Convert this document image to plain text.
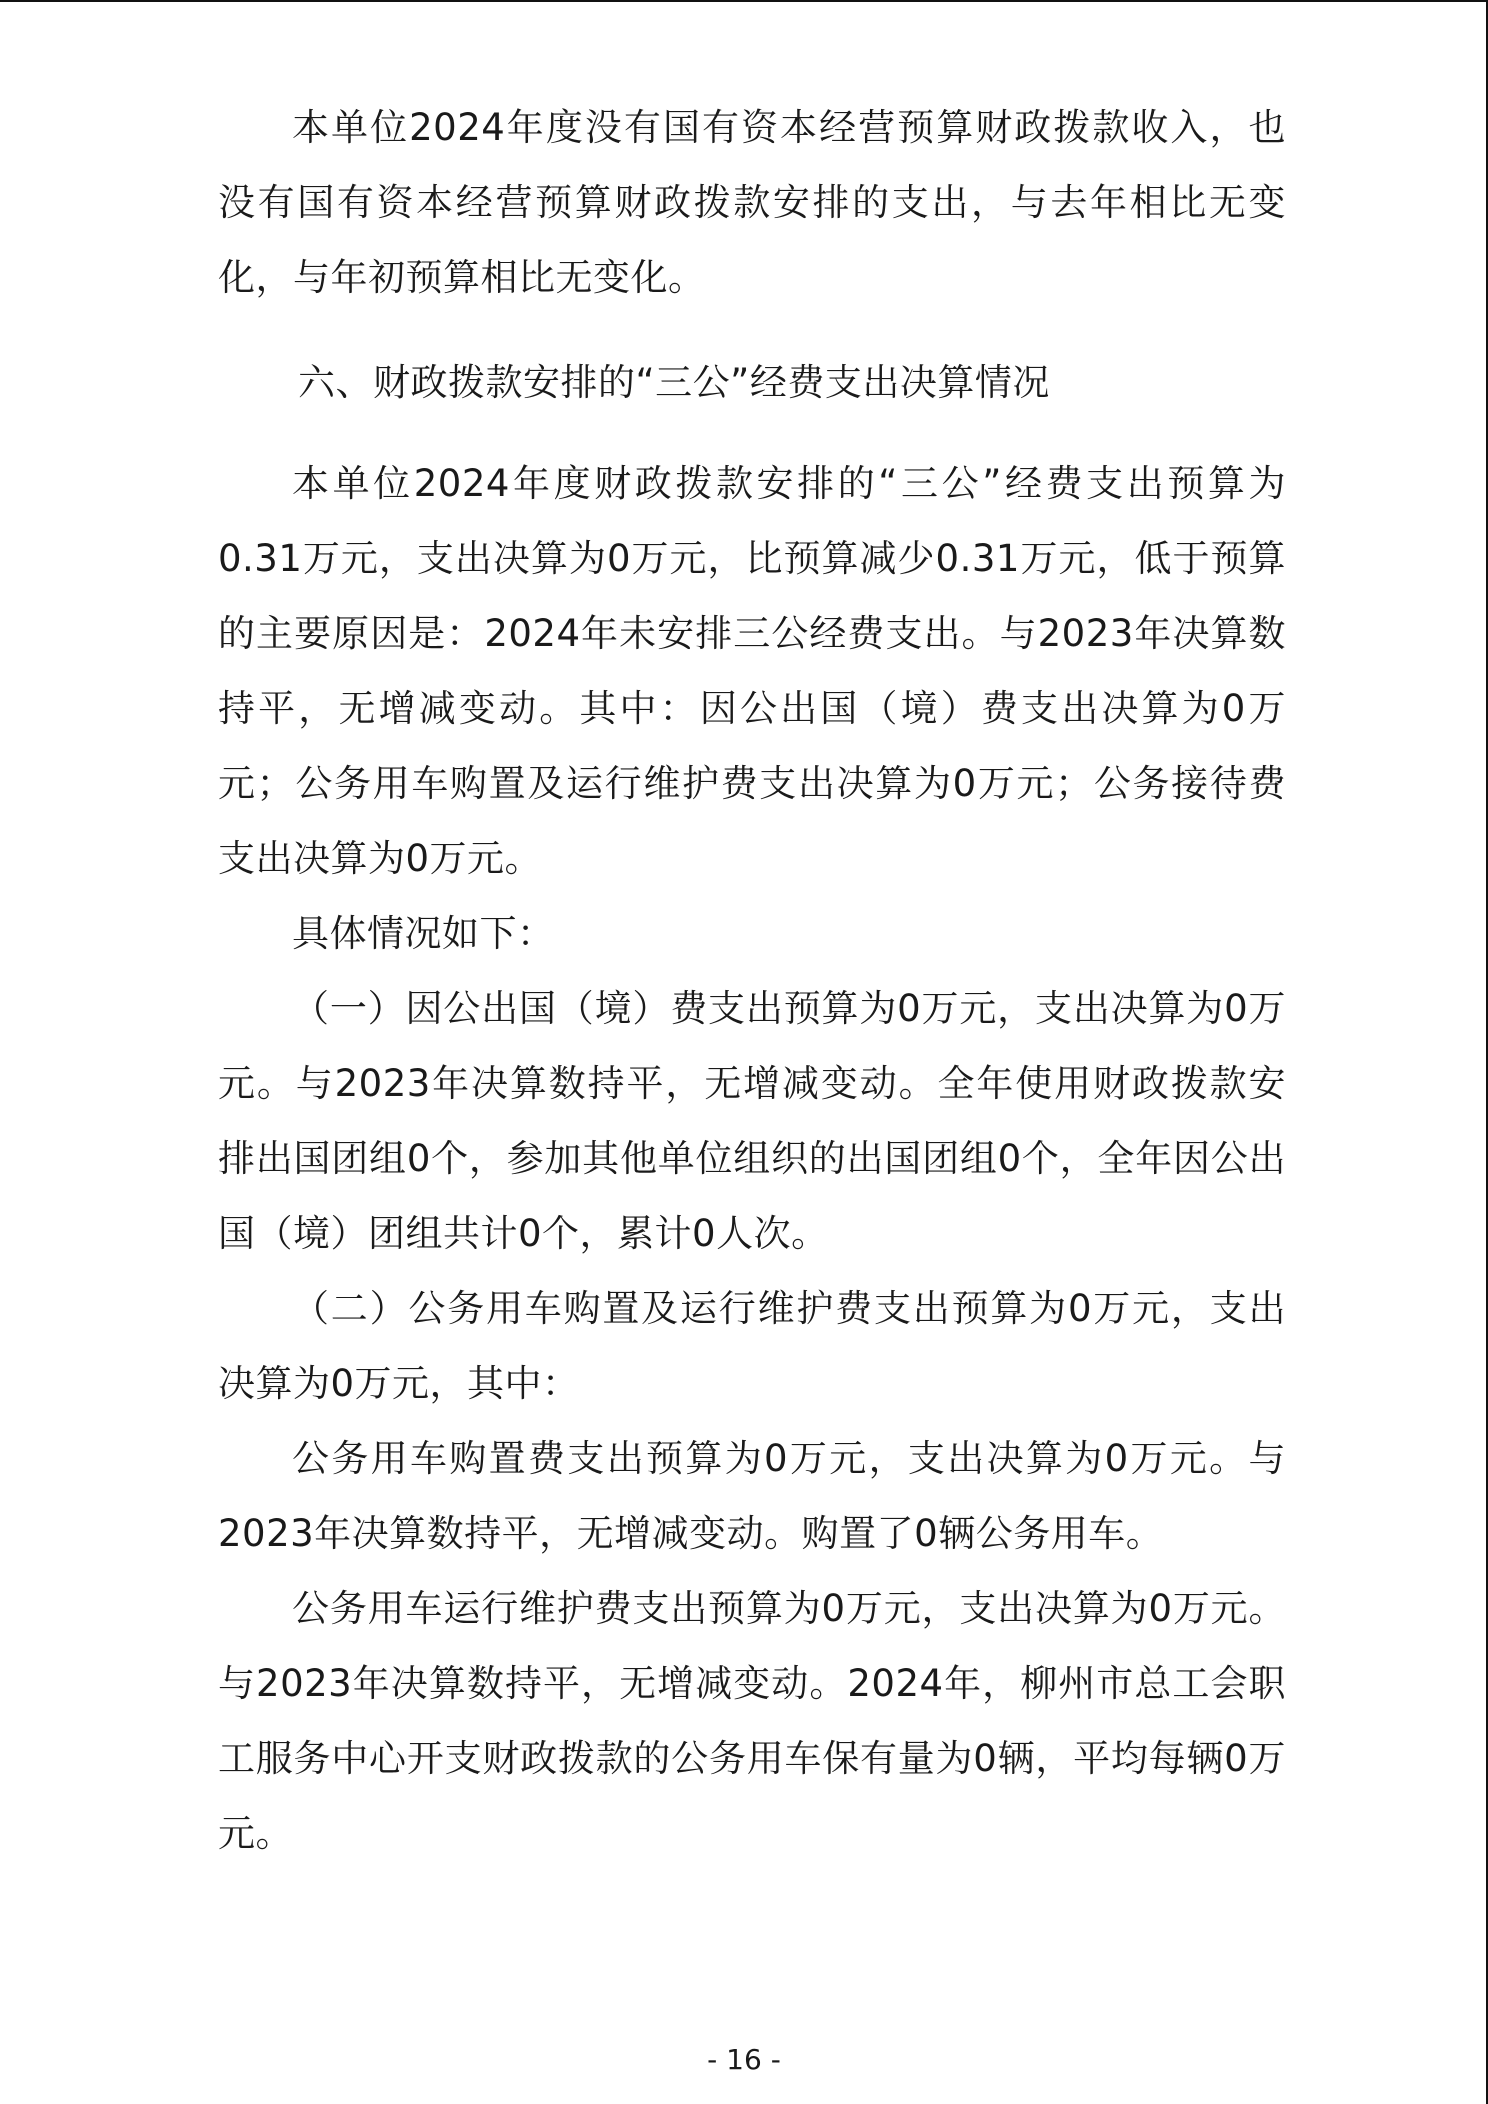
本单位2024年度没有国有资本经营预算财政拨款收入，也没有国有资本经营预算财政拨款安排的支出，与去年相比无变化，与年初预算相比无变化。

六、财政拨款安排的“三公”经费支出决算情况

本单位2024年度财政拨款安排的“三公”经费支出预算为0.31万元，支出决算为0万元，比预算减少0.31万元，低于预算的主要原因是：2024年未安排三公经费支出。与2023年决算数持平，无增减变动。其中：因公出国（境）费支出决算为0万元；公务用车购置及运行维护费支出决算为0万元；公务接待费支出决算为0万元。

具体情况如下：

（一）因公出国（境）费支出预算为0万元，支出决算为0万元。与2023年决算数持平，无增减变动。全年使用财政拨款安排出国团组0个，参加其他单位组织的出国团组0个，全年因公出国（境）团组共计0个，累计0人次。

（二）公务用车购置及运行维护费支出预算为0万元，支出决算为0万元，其中：

公务用车购置费支出预算为0万元，支出决算为0万元。与2023年决算数持平，无增减变动。购置了0辆公务用车。

公务用车运行维护费支出预算为0万元，支出决算为0万元。与2023年决算数持平，无增减变动。2024年，柳州市总工会职工服务中心开支财政拨款的公务用车保有量为0辆，平均每辆0万元。

- 16 -
